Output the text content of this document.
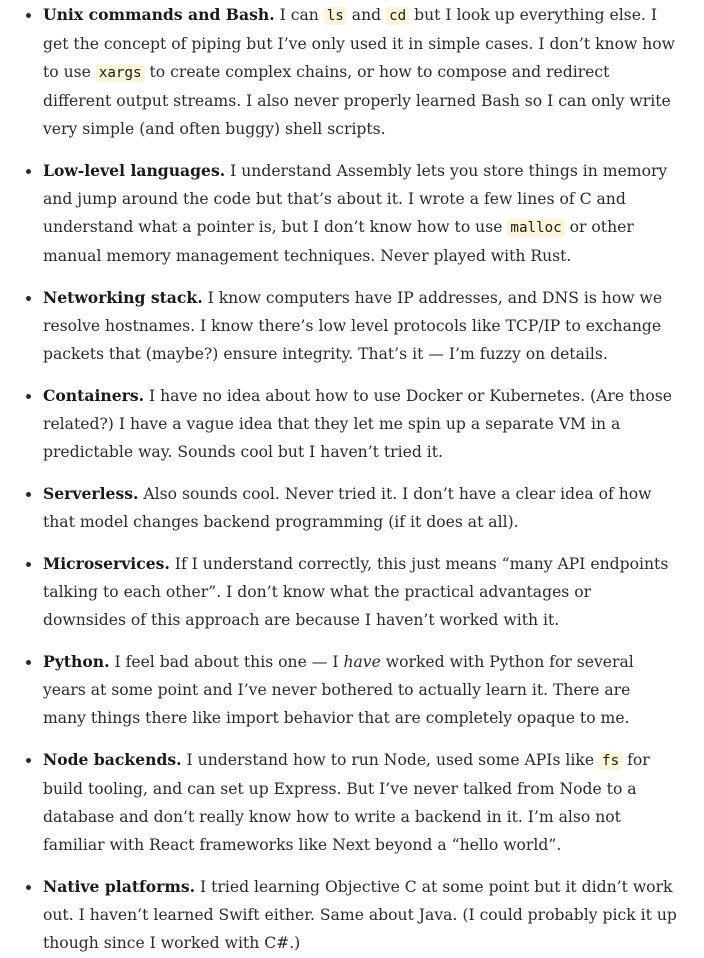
Unix commands and Bash. I can ls and cd but I look up everything else. I get the concept of piping but I’ve only used it in simple cases. I don’t know how to use xargs to create complex chains, or how to compose and redirect different output streams. I also never properly learned Bash so I can only write very simple (and often buggy) shell scripts.
Low-level languages. I understand Assembly lets you store things in memory and jump around the code but that’s about it. I wrote a few lines of C and understand what a pointer is, but I don’t know how to use malloc or other manual memory management techniques. Never played with Rust.
Networking stack. I know computers have IP addresses, and DNS is how we resolve hostnames. I know there’s low level protocols like TCP/IP to exchange packets that (maybe?) ensure integrity. That’s it — I’m fuzzy on details.
Containers. I have no idea about how to use Docker or Kubernetes. (Are those related?) I have a vague idea that they let me spin up a separate VM in a predictable way. Sounds cool but I haven’t tried it.
Serverless. Also sounds cool. Never tried it. I don’t have a clear idea of how that model changes backend programming (if it does at all).
Microservices. If I understand correctly, this just means “many API endpoints talking to each other”. I don’t know what the practical advantages or downsides of this approach are because I haven’t worked with it.
Python. I feel bad about this one — I have worked with Python for several years at some point and I’ve never bothered to actually learn it. There are many things there like import behavior that are completely opaque to me.
Node backends. I understand how to run Node, used some APIs like fs for build tooling, and can set up Express. But I’ve never talked from Node to a database and don’t really know how to write a backend in it. I’m also not familiar with React frameworks like Next beyond a “hello world”.
Native platforms. I tried learning Objective C at some point but it didn’t work out. I haven’t learned Swift either. Same about Java. (I could probably pick it up though since I worked with C#.)
